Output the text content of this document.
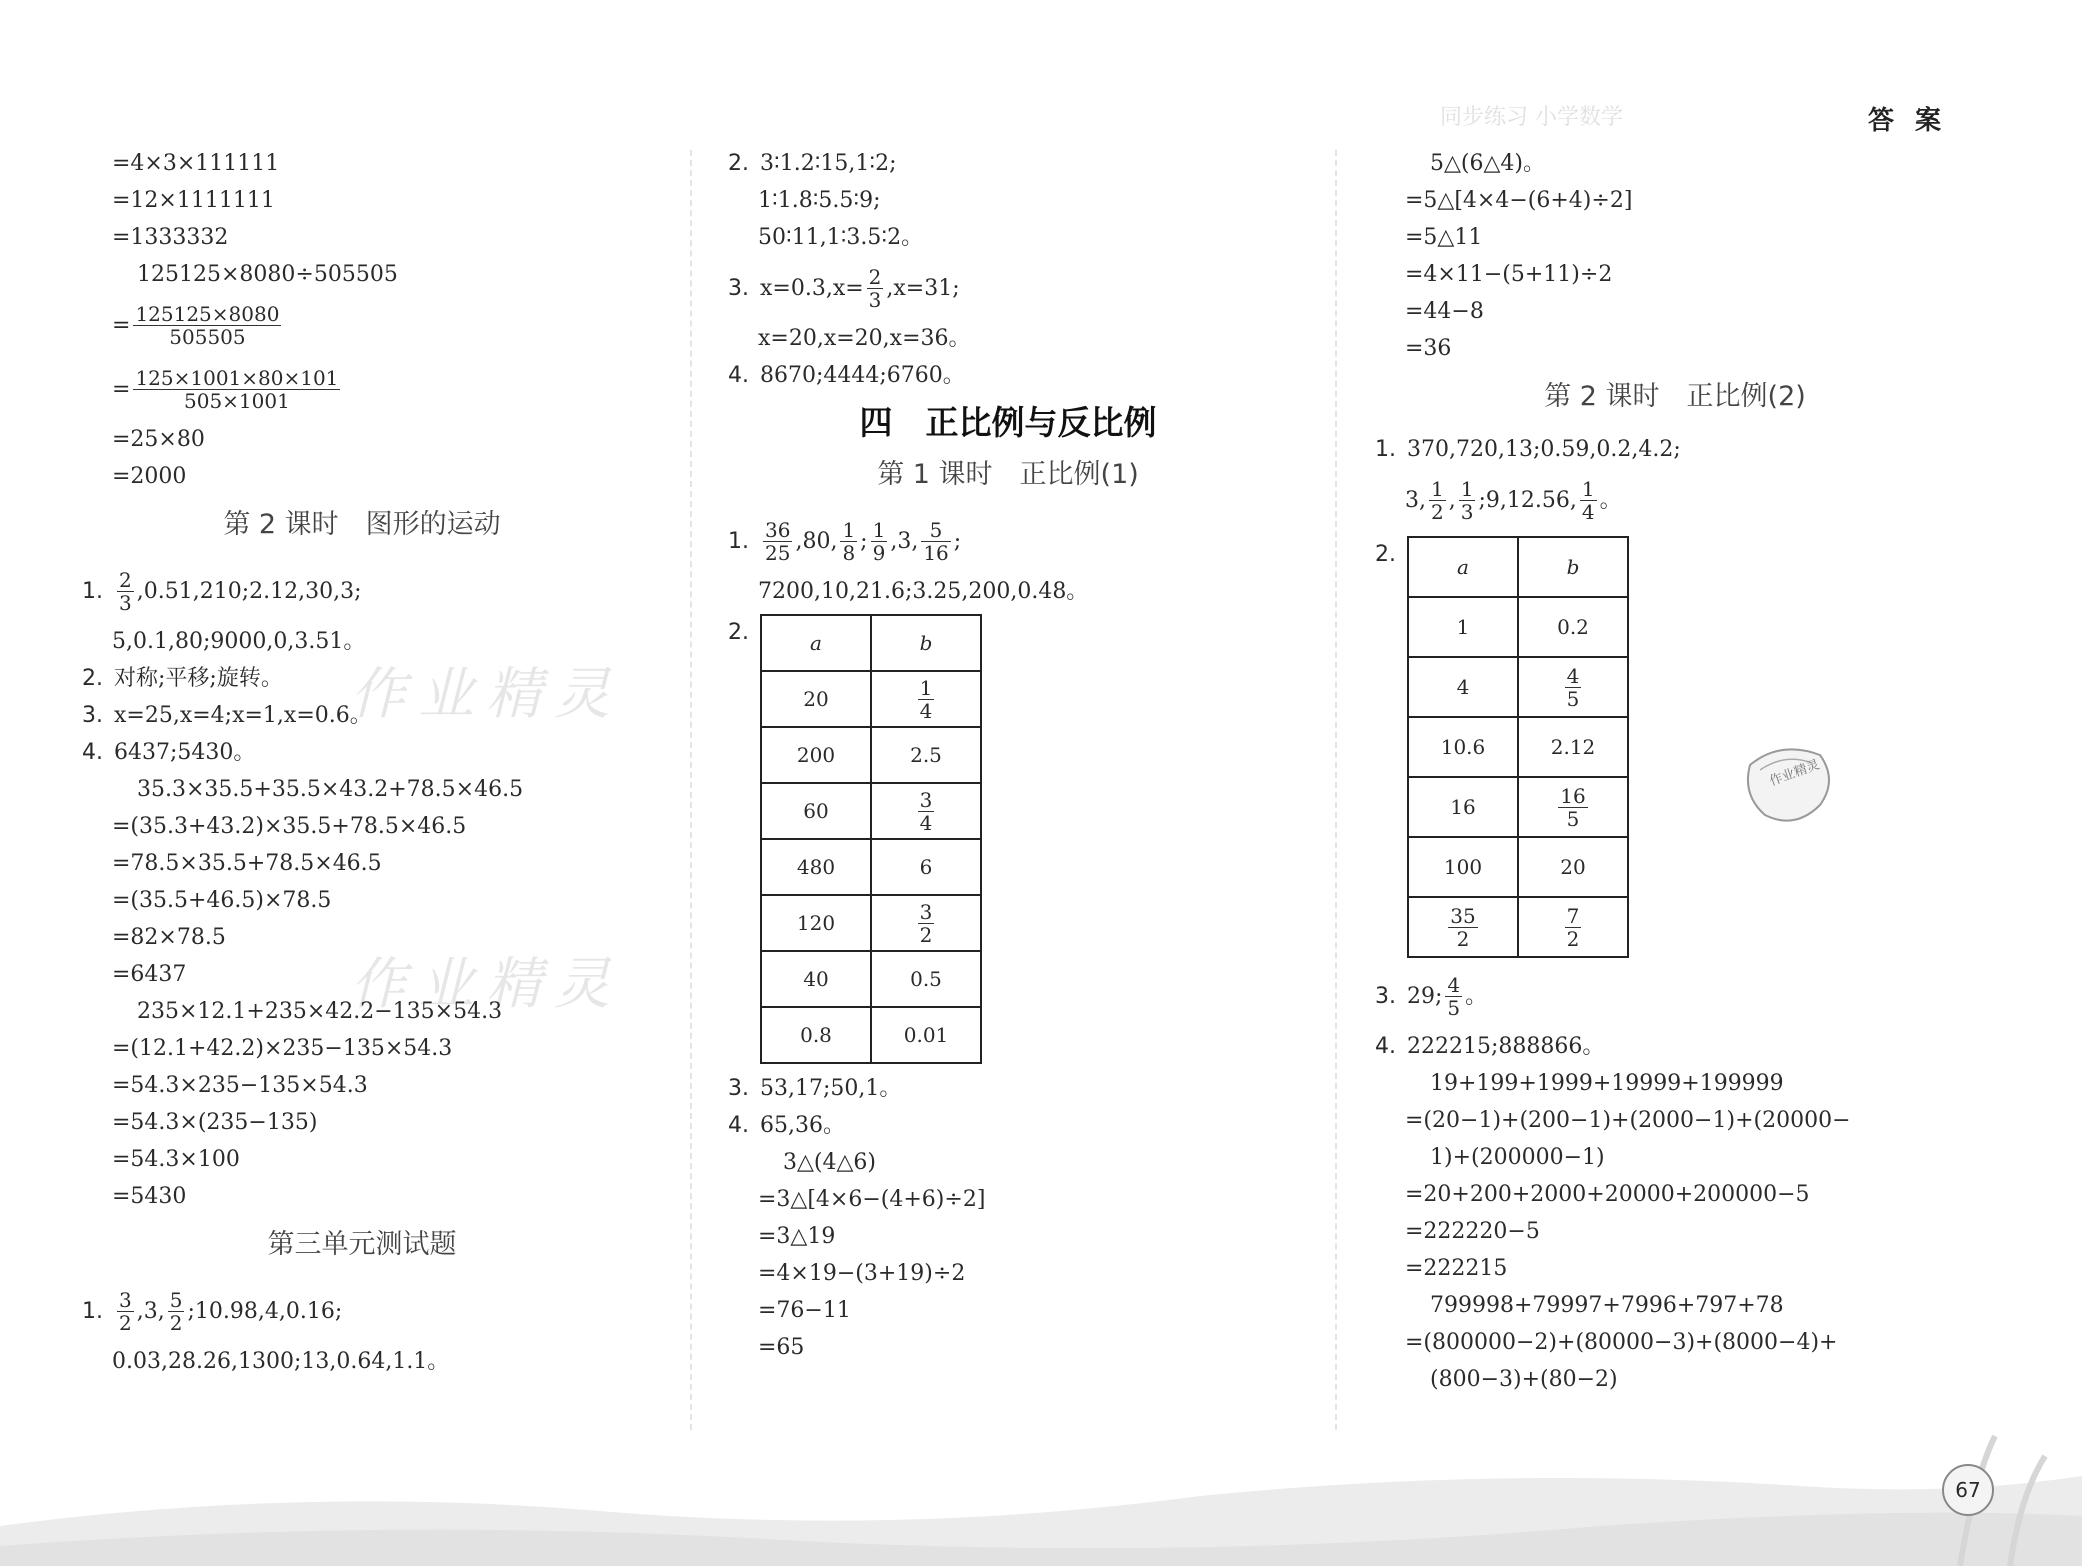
同步练习 小学数学	答 案
作业精灵
作业精灵
=4×3×111111
=12×1111111
=1333332
125125×8080÷505505
= $\frac{125125\times 8080}{505505}$
= $\frac{125\times 1001\times 80\times 101}{505\times 1001}$
=25×80
=2000
第 2 课时　图形的运动
1. $\frac{2}{3}$ ,0.51,210;2.12,30,3;
5,0.1,80;9000,0,3.51。
2. 对称;平移;旋转。
3. x=25,x=4;x=1,x=0.6。
4. 6437;5430。
35.3×35.5+35.5×43.2+78.5×46.5
=(35.3+43.2)×35.5+78.5×46.5
=78.5×35.5+78.5×46.5
=(35.5+46.5)×78.5
=82×78.5
=6437
235×12.1+235×42.2−135×54.3
=(12.1+42.2)×235−135×54.3
=54.3×235−135×54.3
=54.3×(235−135)
=54.3×100
=5430
第三单元测试题
1. $\frac{3}{2} ,3$, $\frac{5}{2}$ ;10.98,4,0.16;
0.03,28.26,1300;13,0.64,1.1。
2. 3∶1.2∶15,1∶2;
1∶1.8∶5.5∶9;
50∶11,1∶3.5∶2。
3. $x=0.3,x= \frac{2}{3} ,x=31$;
x=20,x=20,x=36。
4. 8670;4444;6760。
四　正比例与反比例
第 1 课时　正比例(1)
1. $\frac{36}{25} ,80$, $\frac{1}{8}$ ; $\frac{1}{9} ,3$, $\frac{5}{16}$ ;
7200,10,21.6;3.25,200,0.48。
2.	a	b
20	$\frac{1}{4}$

200	2.5
60	$\frac{3}{4}$

480	6
120	$\frac{3}{2}$

40	0.5
0.8	0.01
3. 53,17;50,1。
4. 65,36。
3△(4△6)
=3△[4×6−(4+6)÷2]
=3△19
=4×19−(3+19)÷2
=76−11
=65
5△(6△4)。
=5△[4×4−(6+4)÷2]
=5△11
=4×11−(5+11)÷2
=44−8
=36
第 2 课时　正比例(2)
1. 370,720,13;0.59,0.2,4.2;
3, $\frac{1}{2}$ , $\frac{1}{3}$ ;9,12.56, $\frac{1}{4}$ 。
2.	a	b
1	0.2
4	$\frac{4}{5}$

10.6	2.12
16	$\frac{16}{5}$

100	20

$\frac{35}{2}$	$\frac{7}{2}$
3. 29; $\frac{4}{5}$ 。
4. 222215;888866。
19+199+1999+19999+199999
=(20−1)+(200−1)+(2000−1)+(20000−
1)+(200000−1)
=20+200+2000+20000+200000−5
=222220−5
=222215
799998+79997+7996+797+78
=(800000−2)+(80000−3)+(8000−4)+
(800−3)+(80−2)
作业精灵
67
